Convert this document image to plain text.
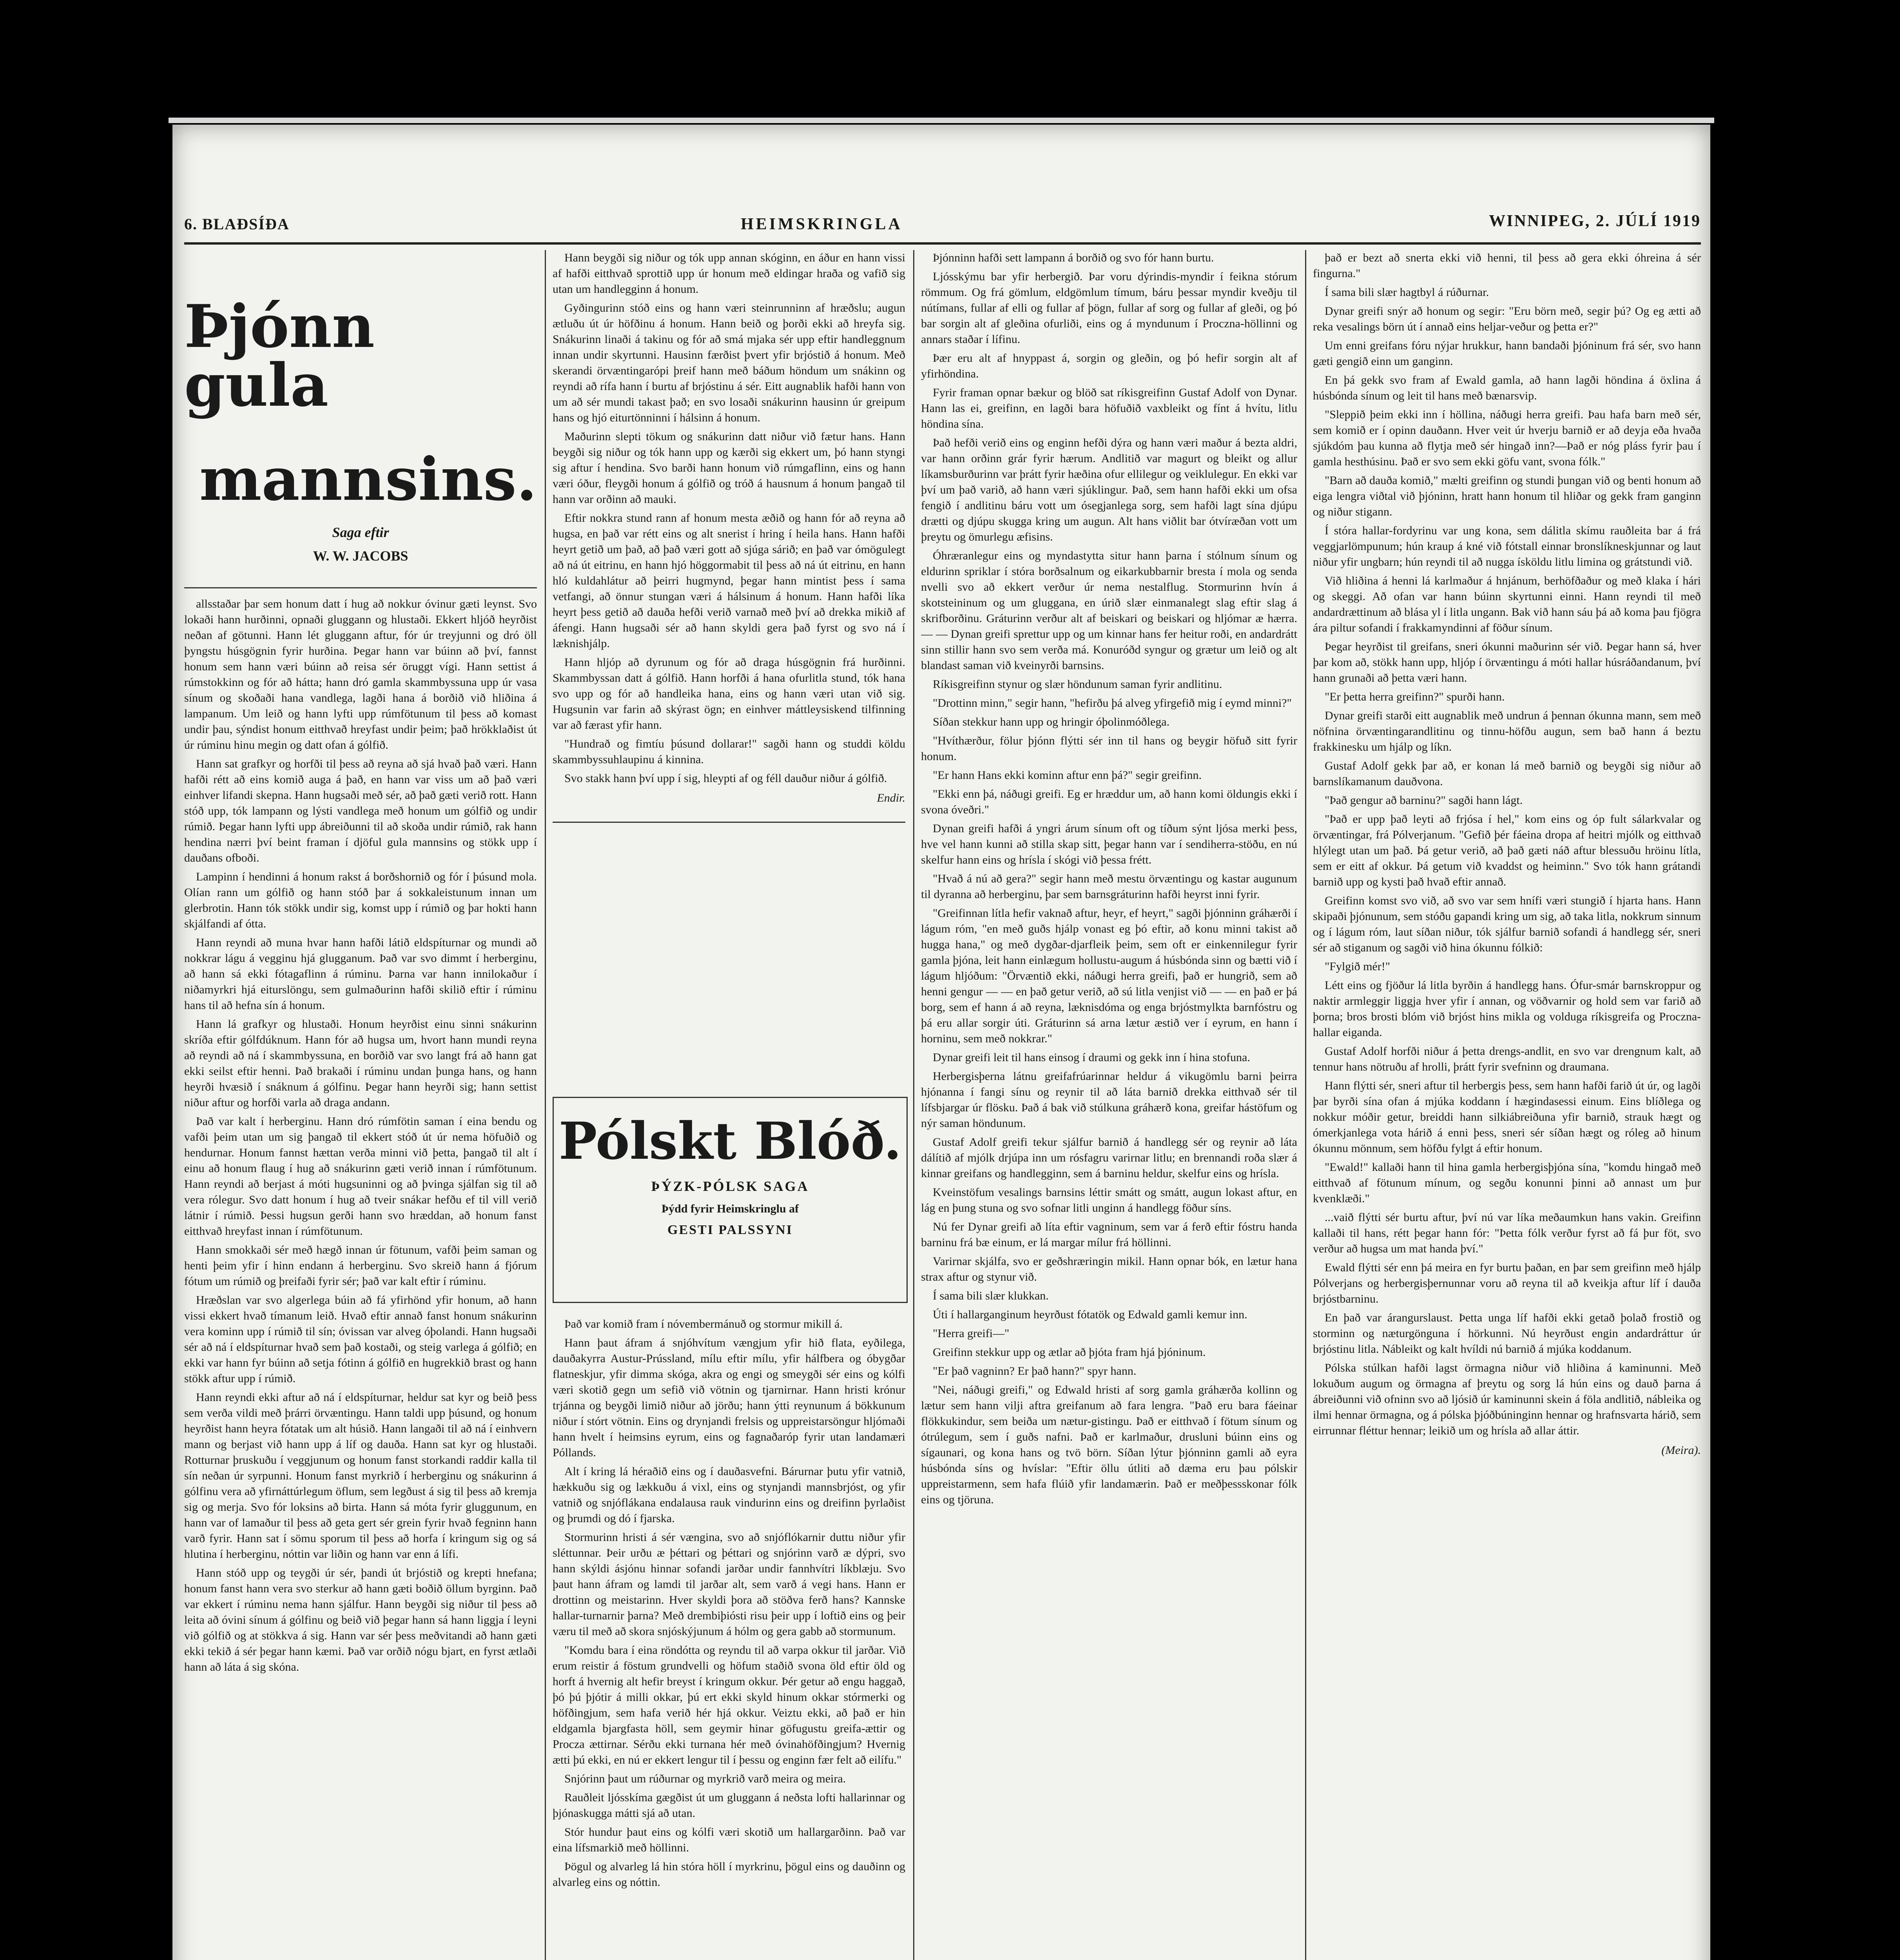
6. BLAÐSÍÐA	HEIMSKRINGLA	WINNIPEG, 2. JÚLÍ 1919
Þjónn gula
mannsins.
Saga eftir
W. W. JACOBS

allsstaðar þar sem honum datt í hug að nokkur óvinur gæti leynst. Svo lokaði hann hurðinni, opnaði gluggann og hlustaði. Ekkert hljóð heyrðist neðan af götunni. Hann lét gluggann aftur, fór úr treyjunni og dró öll þyngstu húsgögnin fyrir hurðina. Þegar hann var búinn að því, fannst honum sem hann væri búinn að reisa sér öruggt vígi. Hann settist á rúmstokkinn og fór að hátta; hann dró gamla skammbyssuna upp úr vasa sínum og skoðaði hana vandlega, lagði hana á borðið við hliðina á lampanum. Um leið og hann lyfti upp rúmfötunum til þess að komast undir þau, sýndist honum eitthvað hreyfast undir þeim; það hrökklaðist út úr rúminu hinu megin og datt ofan á gólfið.

Hann sat grafkyr og horfði til þess að reyna að sjá hvað það væri. Hann hafði rétt að eins komið auga á það, en hann var viss um að það væri einhver lifandi skepna. Hann hugsaði með sér, að það gæti verið rott. Hann stóð upp, tók lampann og lýsti vandlega með honum um gólfið og undir rúmið. Þegar hann lyfti upp ábreiðunni til að skoða undir rúmið, rak hann hendina nærri því beint framan í djöful gula mannsins og stökk upp í dauðans ofboði.

Lampinn í hendinni á honum rakst á borðshornið og fór í þúsund mola. Olían rann um gólfið og hann stóð þar á sokkaleistunum innan um glerbrotin. Hann tók stökk undir sig, komst upp í rúmið og þar hokti hann skjálfandi af ótta.

Hann reyndi að muna hvar hann hafði látið eldspíturnar og mundi að nokkrar lágu á vegginu hjá glugganum. Það var svo dimmt í herberginu, að hann sá ekki fótagaflinn á rúminu. Þarna var hann innilokaður í niðamyrkri hjá eiturslöngu, sem gulmaðurinn hafði skilið eftir í rúminu hans til að hefna sín á honum.

Hann lá grafkyr og hlustaði. Honum heyrðist einu sinni snákurinn skríða eftir gólfdúknum. Hann fór að hugsa um, hvort hann mundi reyna að reyndi að ná í skammbyssuna, en borðið var svo langt frá að hann gat ekki seilst eftir henni. Það brakaði í rúminu undan þunga hans, og hann heyrði hvæsið í snáknum á gólfinu. Þegar hann heyrði sig; hann settist niður aftur og horfði varla að draga andann.

Það var kalt í herberginu. Hann dró rúmfötin saman í eina bendu og vafði þeim utan um sig þangað til ekkert stóð út úr nema höfuðið og hendurnar. Honum fannst hættan verða minni við þetta, þangað til alt í einu að honum flaug í hug að snákurinn gæti verið innan í rúmfötunum. Hann reyndi að berjast á móti hugsuninni og að þvinga sjálfan sig til að vera rólegur. Svo datt honum í hug að tveir snákar hefðu ef til vill verið látnir í rúmið. Þessi hugsun gerði hann svo hræddan, að honum fanst eitthvað hreyfast innan í rúmfötunum.

Hann smokkaði sér með hægð innan úr fötunum, vafði þeim saman og henti þeim yfir í hinn endann á herberginu. Svo skreið hann á fjórum fótum um rúmið og þreifaði fyrir sér; það var kalt eftir í rúminu.

Hræðslan var svo algerlega búin að fá yfirhönd yfir honum, að hann vissi ekkert hvað tímanum leið. Hvað eftir annað fanst honum snákurinn vera kominn upp í rúmið til sín; óvissan var alveg óþolandi. Hann hugsaði sér að ná í eldspíturnar hvað sem það kostaði, og steig varlega á gólfið; en ekki var hann fyr búinn að setja fótinn á gólfið en hugrekkið brast og hann stökk aftur upp í rúmið.

Hann reyndi ekki aftur að ná í eldspíturnar, heldur sat kyr og beið þess sem verða vildi með þrárri örvæntingu. Hann taldi upp þúsund, og honum heyrðist hann heyra fótatak um alt húsið. Hann langaði til að ná í einhvern mann og berjast við hann upp á líf og dauða. Hann sat kyr og hlustaði. Rotturnar þruskuðu í veggjunum og honum fanst storkandi raddir kalla til sín neðan úr syrpunni. Honum fanst myrkrið í herberginu og snákurinn á gólfinu vera að yfirnáttúrlegum öflum, sem legðust á sig til þess að kremja sig og merja. Svo fór loksins að birta. Hann sá móta fyrir gluggunum, en hann var of lamaður til þess að geta gert sér grein fyrir hvað fegninn hann varð fyrir. Hann sat í sömu sporum til þess að horfa í kringum sig og sá hlutina í herberginu, nóttin var liðin og hann var enn á lífi.

Hann stóð upp og teygði úr sér, þandi út brjóstið og krepti hnefana; honum fanst hann vera svo sterkur að hann gæti boðið öllum byrginn. Það var ekkert í rúminu nema hann sjálfur. Hann beygði sig niður til þess að leita að óvini sínum á gólfinu og beið við þegar hann sá hann liggja í leyni við gólfið og at stökkva á sig. Hann var sér þess meðvitandi að hann gæti ekki tekið á sér þegar hann kæmi. Það var orðið nógu bjart, en fyrst ætlaði hann að láta á sig skóna.

Hann beygði sig niður og tók upp annan skóginn, en áður en hann vissi af hafði eitthvað sprottið upp úr honum með eldingar hraða og vafið sig utan um handlegginn á honum.

Gyðingurinn stóð eins og hann væri steinrunninn af hræðslu; augun ætluðu út úr höfðinu á honum. Hann beið og þorði ekki að hreyfa sig. Snákurinn linaði á takinu og fór að smá mjaka sér upp eftir handleggnum innan undir skyrtunni. Hausinn færðist þvert yfir brjóstið á honum. Með skerandi örvæntingarópi þreif hann með báðum höndum um snákinn og reyndi að rífa hann í burtu af brjóstinu á sér. Eitt augnablik hafði hann von um að sér mundi takast það; en svo losaði snákurinn hausinn úr greipum hans og hjó eiturtönninni í hálsinn á honum.

Maðurinn slepti tökum og snákurinn datt niður við fætur hans. Hann beygði sig niður og tók hann upp og kærði sig ekkert um, þó hann styngi sig aftur í hendina. Svo barði hann honum við rúmgaflinn, eins og hann væri óður, fleygði honum á gólfið og tróð á hausnum á honum þangað til hann var orðinn að mauki.

Eftir nokkra stund rann af honum mesta æðið og hann fór að reyna að hugsa, en það var rétt eins og alt snerist í hring í heila hans. Hann hafði heyrt getið um það, að það væri gott að sjúga sárið; en það var ómögulegt að ná út eitrinu, en hann hjó höggormabit til þess að ná út eitrinu, en hann hló kuldahlátur að þeirri hugmynd, þegar hann mintist þess í sama vetfangi, að önnur stungan væri á hálsinum á honum. Hann hafði líka heyrt þess getið að dauða hefði verið varnað með því að drekka mikið af áfengi. Hann hugsaði sér að hann skyldi gera það fyrst og svo ná í læknishjálp.

Hann hljóp að dyrunum og fór að draga húsgögnin frá hurðinni. Skammbyssan datt á gólfið. Hann horfði á hana ofurlitla stund, tók hana svo upp og fór að handleika hana, eins og hann væri utan við sig. Hugsunin var farin að skýrast ögn; en einhver máttleysiskend tilfinning var að færast yfir hann.

"Hundrað og fimtíu þúsund dollarar!" sagði hann og studdi köldu skammbyssuhlaupinu á kinnina.

Svo stakk hann því upp í sig, hleypti af og féll dauður niður á gólfið.

Endir.
Pólskt Blóð.
ÞÝZK-PÓLSK SAGA
Þýdd fyrir Heimskringlu af
GESTI PALSSYNI

Það var komið fram í nóvembermánuð og stormur mikill á.

Hann þaut áfram á snjóhvítum vængjum yfir hið flata, eyðilega, dauðakyrra Austur-Prússland, mílu eftir mílu, yfir hálfbera og óbygðar flatneskjur, yfir dimma skóga, akra og engi og smeygði sér eins og kólfi væri skotið gegn um sefið við vötnin og tjarnirnar. Hann hristi krónur trjánna og beygði limið niður að jörðu; hann ýtti reynunum á bökkunum niður í stórt vötnin. Eins og drynjandi frelsis og uppreistarsöngur hljómaði hann hvelt í heimsins eyrum, eins og fagnaðaróp fyrir utan landamæri Póllands.

Alt í kring lá héraðið eins og í dauðasvefni. Bárurnar þutu yfir vatnið, hækkuðu sig og lækkuðu á vixl, eins og stynjandi mannsbrjóst, og yfir vatnið og snjóflákana endalausa rauk vindurinn eins og dreifinn þyrlaðist og þrumdi og dó í fjarska.

Stormurinn hristi á sér vængina, svo að snjóflókarnir duttu niður yfir sléttunnar. Þeir urðu æ þéttari og þéttari og snjórinn varð æ dýpri, svo hann skýldi ásjónu hinnar sofandi jarðar undir fannhvítri líkblæju. Svo þaut hann áfram og lamdi til jarðar alt, sem varð á vegi hans. Hann er drottinn og meistarinn. Hver skyldi þora að stöðva ferð hans? Kannske hallar-turnarnir þarna? Með drembiþiósti risu þeir upp í loftið eins og þeir væru til með að skora snjóskýjunum á hólm og gera gabb að stormunum.

"Komdu bara í eina röndótta og reyndu til að varpa okkur til jarðar. Við erum reistir á föstum grundvelli og höfum staðið svona öld eftir öld og horft á hvernig alt hefir breyst í kringum okkur. Þér getur að engu haggað, þó þú þjótir á milli okkar, þú ert ekki skyld hinum okkar stórmerki og höfðingjum, sem hafa verið hér hjá okkur. Veiztu ekki, að það er hin eldgamla bjargfasta höll, sem geymir hinar göfugustu greifa-ættir og Procza ættirnar. Sérðu ekki turnana hér með óvinahöfðingjum? Hvernig ætti þú ekki, en nú er ekkert lengur til í þessu og enginn fær felt að eilífu."

Snjórinn þaut um rúðurnar og myrkrið varð meira og meira.

Rauðleit ljósskíma gægðist út um gluggann á neðsta lofti hallarinnar og þjónaskugga mátti sjá að utan.

Stór hundur þaut eins og kólfi væri skotið um hallargarðinn. Það var eina lífsmarkið með höllinni.

Þögul og alvarleg lá hin stóra höll í myrkrinu, þögul eins og dauðinn og alvarleg eins og nóttin.

Þjónninn hafði sett lampann á borðið og svo fór hann burtu.

Ljósskýmu bar yfir herbergið. Þar voru dýrindis-myndir í feikna stórum römmum. Og frá gömlum, eldgömlum tímum, báru þessar myndir kveðju til nútímans, fullar af elli og fullar af þögn, fullar af sorg og fullar af gleði, og þó bar sorgin alt af gleðina ofurliði, eins og á myndunum í Proczna-höllinni og annars staðar í lífinu.

Þær eru alt af hnyppast á, sorgin og gleðin, og þó hefir sorgin alt af yfirhöndina.

Fyrir framan opnar bækur og blöð sat ríkisgreifinn Gustaf Adolf von Dynar. Hann las ei, greifinn, en lagði bara höfuðið vaxbleikt og fínt á hvítu, litlu höndina sína.

Það hefði verið eins og enginn hefði dýra og hann væri maður á bezta aldri, var hann orðinn grár fyrir hærum. Andlitið var magurt og bleikt og allur líkamsburðurinn var þrátt fyrir hæðina ofur ellilegur og veiklulegur. En ekki var því um það varið, að hann væri sjúklingur. Það, sem hann hafði ekki um ofsa fengið í andlitinu báru vott um ósegjanlega sorg, sem hafði lagt sína djúpu drætti og djúpu skugga kring um augun. Alt hans viðlit bar ótvíræðan vott um þreytu og ömurlegu æfisins.

Óhræranlegur eins og myndastytta situr hann þarna í stólnum sínum og eldurinn spriklar í stóra borðsalnum og eikarkubbarnir bresta í mola og senda nvelli svo að ekkert verður úr nema nestalflug. Stormurinn hvín á skotsteininum og um gluggana, en úrið slær einmanalegt slag eftir slag á skrifborðinu. Gráturinn verður alt af beiskari og beiskari og hljómar æ hærra. — — Dynan greifi sprettur upp og um kinnar hans fer heitur roði, en andardrátt sinn stillir hann svo sem verða má. Konuróðd syngur og grætur um leið og alt blandast saman við kveinyrði barnsins.

Ríkisgreifinn stynur og slær höndunum saman fyrir andlitinu.

"Drottinn minn," segir hann, "hefirðu þá alveg yfirgefið mig í eymd minni?"

Síðan stekkur hann upp og hringir óþolinmóðlega.

"Hvíthærður, fölur þjónn flýtti sér inn til hans og beygir höfuð sitt fyrir honum.

"Er hann Hans ekki kominn aftur enn þá?" segir greifinn.

"Ekki enn þá, náðugi greifi. Eg er hræddur um, að hann komi öldungis ekki í svona óveðri."

Dynan greifi hafði á yngri árum sínum oft og tíðum sýnt ljósa merki þess, hve vel hann kunni að stilla skap sitt, þegar hann var í sendiherra-stöðu, en nú skelfur hann eins og hrísla í skógi við þessa frétt.

"Hvað á nú að gera?" segir hann með mestu örvæntingu og kastar augunum til dyranna að herberginu, þar sem barnsgráturinn hafði heyrst inni fyrir.

"Greifinnan lítla hefir vaknað aftur, heyr, ef heyrt," sagði þjónninn gráhærði í lágum róm, "en með guðs hjálp vonast eg þó eftir, að konu minni takist að hugga hana," og með dygðar-djarfleik þeim, sem oft er einkennilegur fyrir gamla þjóna, leit hann einlægum hollustu-augum á húsbónda sinn og bætti við í lágum hljóðum: "Örvæntið ekki, náðugi herra greifi, það er hungrið, sem að henni gengur — — en það getur verið, að sú litla venjist við — — en það er þá borg, sem ef hann á að reyna, læknisdóma og enga brjóstmylkta barnfóstru og þá eru allar sorgir úti. Gráturinn sá arna lætur æstið ver í eyrum, en hann í horninu, sem með nokkrar."

Dynar greifi leit til hans einsog í draumi og gekk inn í hina stofuna.

Herbergisþerna látnu greifafrúarinnar heldur á vikugömlu barni þeirra hjónanna í fangi sínu og reynir til að láta barnið drekka eitthvað sér til lífsbjargar úr flösku. Það á bak við stúlkuna gráhærð kona, greifar hástöfum og nýr saman höndunum.

Gustaf Adolf greifi tekur sjálfur barnið á handlegg sér og reynir að láta dálítið af mjólk drjúpa inn um rósfagru varirnar litlu; en brennandi roða slær á kinnar greifans og handlegginn, sem á barninu heldur, skelfur eins og hrísla.

Kveinstöfum vesalings barnsins léttir smátt og smátt, augun lokast aftur, en lág en þung stuna og svo sofnar litli unginn á handlegg föður síns.

Nú fer Dynar greifi að líta eftir vagninum, sem var á ferð eftir fóstru handa barninu frá bæ einum, er lá margar mílur frá höllinni.

Varirnar skjálfa, svo er geðshræringin mikil. Hann opnar bók, en lætur hana strax aftur og stynur við.

Í sama bili slær klukkan.

Úti í hallarganginum heyrðust fótatök og Edwald gamli kemur inn.

"Herra greifi—"

Greifinn stekkur upp og ætlar að þjóta fram hjá þjóninum.

"Er það vagninn? Er það hann?" spyr hann.

"Nei, náðugi greifi," og Edwald hristi af sorg gamla gráhærða kollinn og lætur sem hann vilji aftra greifanum að fara lengra. "Það eru bara fáeinar flökkukindur, sem beiða um nætur-gistingu. Það er eitthvað í fötum sínum og ótrúlegum, sem í guðs nafni. Það er karlmaður, drusluni búinn eins og sígaunari, og kona hans og tvö börn. Síðan lýtur þjónninn gamli að eyra húsbónda síns og hvíslar: "Eftir öllu útliti að dæma eru þau pólskir uppreistarmenn, sem hafa flúið yfir landamærin. Það er meðþessskonar fólk eins og tjöruna.

það er bezt að snerta ekki við henni, til þess að gera ekki óhreina á sér fingurna."

Í sama bili slær hagtbyl á rúðurnar.

Dynar greifi snýr að honum og segir: "Eru börn með, segir þú? Og eg ætti að reka vesalings börn út í annað eins heljar-veður og þetta er?"

Um enni greifans fóru nýjar hrukkur, hann bandaði þjóninum frá sér, svo hann gæti gengið einn um ganginn.

En þá gekk svo fram af Ewald gamla, að hann lagði höndina á öxlina á húsbónda sínum og leit til hans með bænarsvip.

"Sleppið þeim ekki inn í höllina, náðugi herra greifi. Þau hafa barn með sér, sem komið er í opinn dauðann. Hver veit úr hverju barnið er að deyja eða hvaða sjúkdóm þau kunna að flytja með sér hingað inn?—Það er nóg pláss fyrir þau í gamla hesthúsinu. Það er svo sem ekki göfu vant, svona fólk."

"Barn að dauða komið," mælti greifinn og stundi þungan við og benti honum að eiga lengra viðtal við þjóninn, hratt hann honum til hliðar og gekk fram ganginn og niður stigann.

Í stóra hallar-fordyrinu var ung kona, sem dálitla skímu rauðleita bar á frá veggjarlömpunum; hún kraup á kné við fótstall einnar bronslíkneskjunnar og laut niður yfir ungbarn; hún reyndi til að nugga ísköldu litlu limina og grátstundi við.

Við hliðina á henni lá karlmaður á hnjánum, berhöfðaður og með klaka í hári og skeggi. Að ofan var hann búinn skyrtunni einni. Hann reyndi til með andardrættinum að blása yl í litla ungann. Bak við hann sáu þá að koma þau fjögra ára piltur sofandi í frakkamyndinni af föður sínum.

Þegar heyrðist til greifans, sneri ókunni maðurinn sér við. Þegar hann sá, hver þar kom að, stökk hann upp, hljóp í örvæntingu á móti hallar húsráðandanum, því hann grunaði að þetta væri hann.

"Er þetta herra greifinn?" spurði hann.

Dynar greifi starði eitt augnablik með undrun á þennan ókunna mann, sem með nöfnina örvæntingarandlitinu og tinnu-höfðu augun, sem bað hann á beztu frakkinesku um hjálp og líkn.

Gustaf Adolf gekk þar að, er konan lá með barnið og beygði sig niður að barnslíkamanum dauðvona.

"Það gengur að barninu?" sagði hann lágt.

"Það er upp það leyti að frjósa í hel," kom eins og óp fult sálarkvalar og örvæntingar, frá Pólverjanum. "Gefið þér fáeina dropa af heitri mjólk og eitthvað hlýlegt utan um það. Þá getur verið, að það gæti náð aftur blessuðu hröinu lítla, sem er eitt af okkur. Þá getum við kvaddst og heiminn." Svo tók hann grátandi barnið upp og kysti það hvað eftir annað.

Greifinn komst svo við, að svo var sem hnífi væri stungið í hjarta hans. Hann skipaði þjónunum, sem stóðu gapandi kring um sig, að taka litla, nokkrum sinnum og í lágum róm, laut síðan niður, tók sjálfur barnið sofandi á handlegg sér, sneri sér að stiganum og sagði við hina ókunnu fólkið:

"Fylgið mér!"

Létt eins og fjöður lá litla byrðin á handlegg hans. Ófur-smár barnskroppur og naktir armleggir liggja hver yfir í annan, og vöðvarnir og hold sem var farið að þorna; bros brosti blóm við brjóst hins mikla og volduga ríkisgreifa og Proczna-hallar eiganda.

Gustaf Adolf horfði niður á þetta drengs-andlit, en svo var drengnum kalt, að tennur hans nötruðu af hrolli, þrátt fyrir svefninn og draumana.

Hann flýtti sér, sneri aftur til herbergis þess, sem hann hafði farið út úr, og lagði þar byrði sína ofan á mjúka koddann í hægindasessi einum. Eins blíðlega og nokkur móðir getur, breiddi hann silkiábreiðuna yfir barnið, strauk hægt og ómerkjanlega vota hárið á enni þess, sneri sér síðan hægt og róleg að hinum ókunnu mönnum, sem höfðu fylgt á eftir honum.

"Ewald!" kallaði hann til hina gamla herbergisþjóna sína, "komdu hingað með eitthvað af fötunum mínum, og segðu konunni þinni að annast um þur kvenklæði."

...vaið flýtti sér burtu aftur, því nú var líka meðaumkun hans vakin. Greifinn kallaði til hans, rétt þegar hann fór: "Þetta fólk verður fyrst að fá þur föt, svo verður að hugsa um mat handa því."

Ewald flýtti sér enn þá meira en fyr burtu þaðan, en þar sem greifinn með hjálp Pólverjans og herbergisþernunnar voru að reyna til að kveikja aftur líf í dauða brjóstbarninu.

En það var árangurslaust. Þetta unga líf hafði ekki getað þolað frostið og storminn og næturgönguna í hörkunni. Nú heyrðust engin andardráttur úr brjóstinu litla. Nábleikt og kalt hvíldi nú barnið á mjúka koddanum.

Pólska stúlkan hafði lagst örmagna niður við hliðina á kaminunni. Með lokuðum augum og örmagna af þreytu og sorg lá hún eins og dauð þarna á ábreiðunni við ofninn svo að ljósið úr kaminunni skein á föla andlitið, nábleika og ilmi hennar örmagna, og á pólska þjóðbúninginn hennar og hrafnsvarta hárið, sem eirrunnar fléttur hennar; leikið um og hrísla að allar áttir.

(Meira).
